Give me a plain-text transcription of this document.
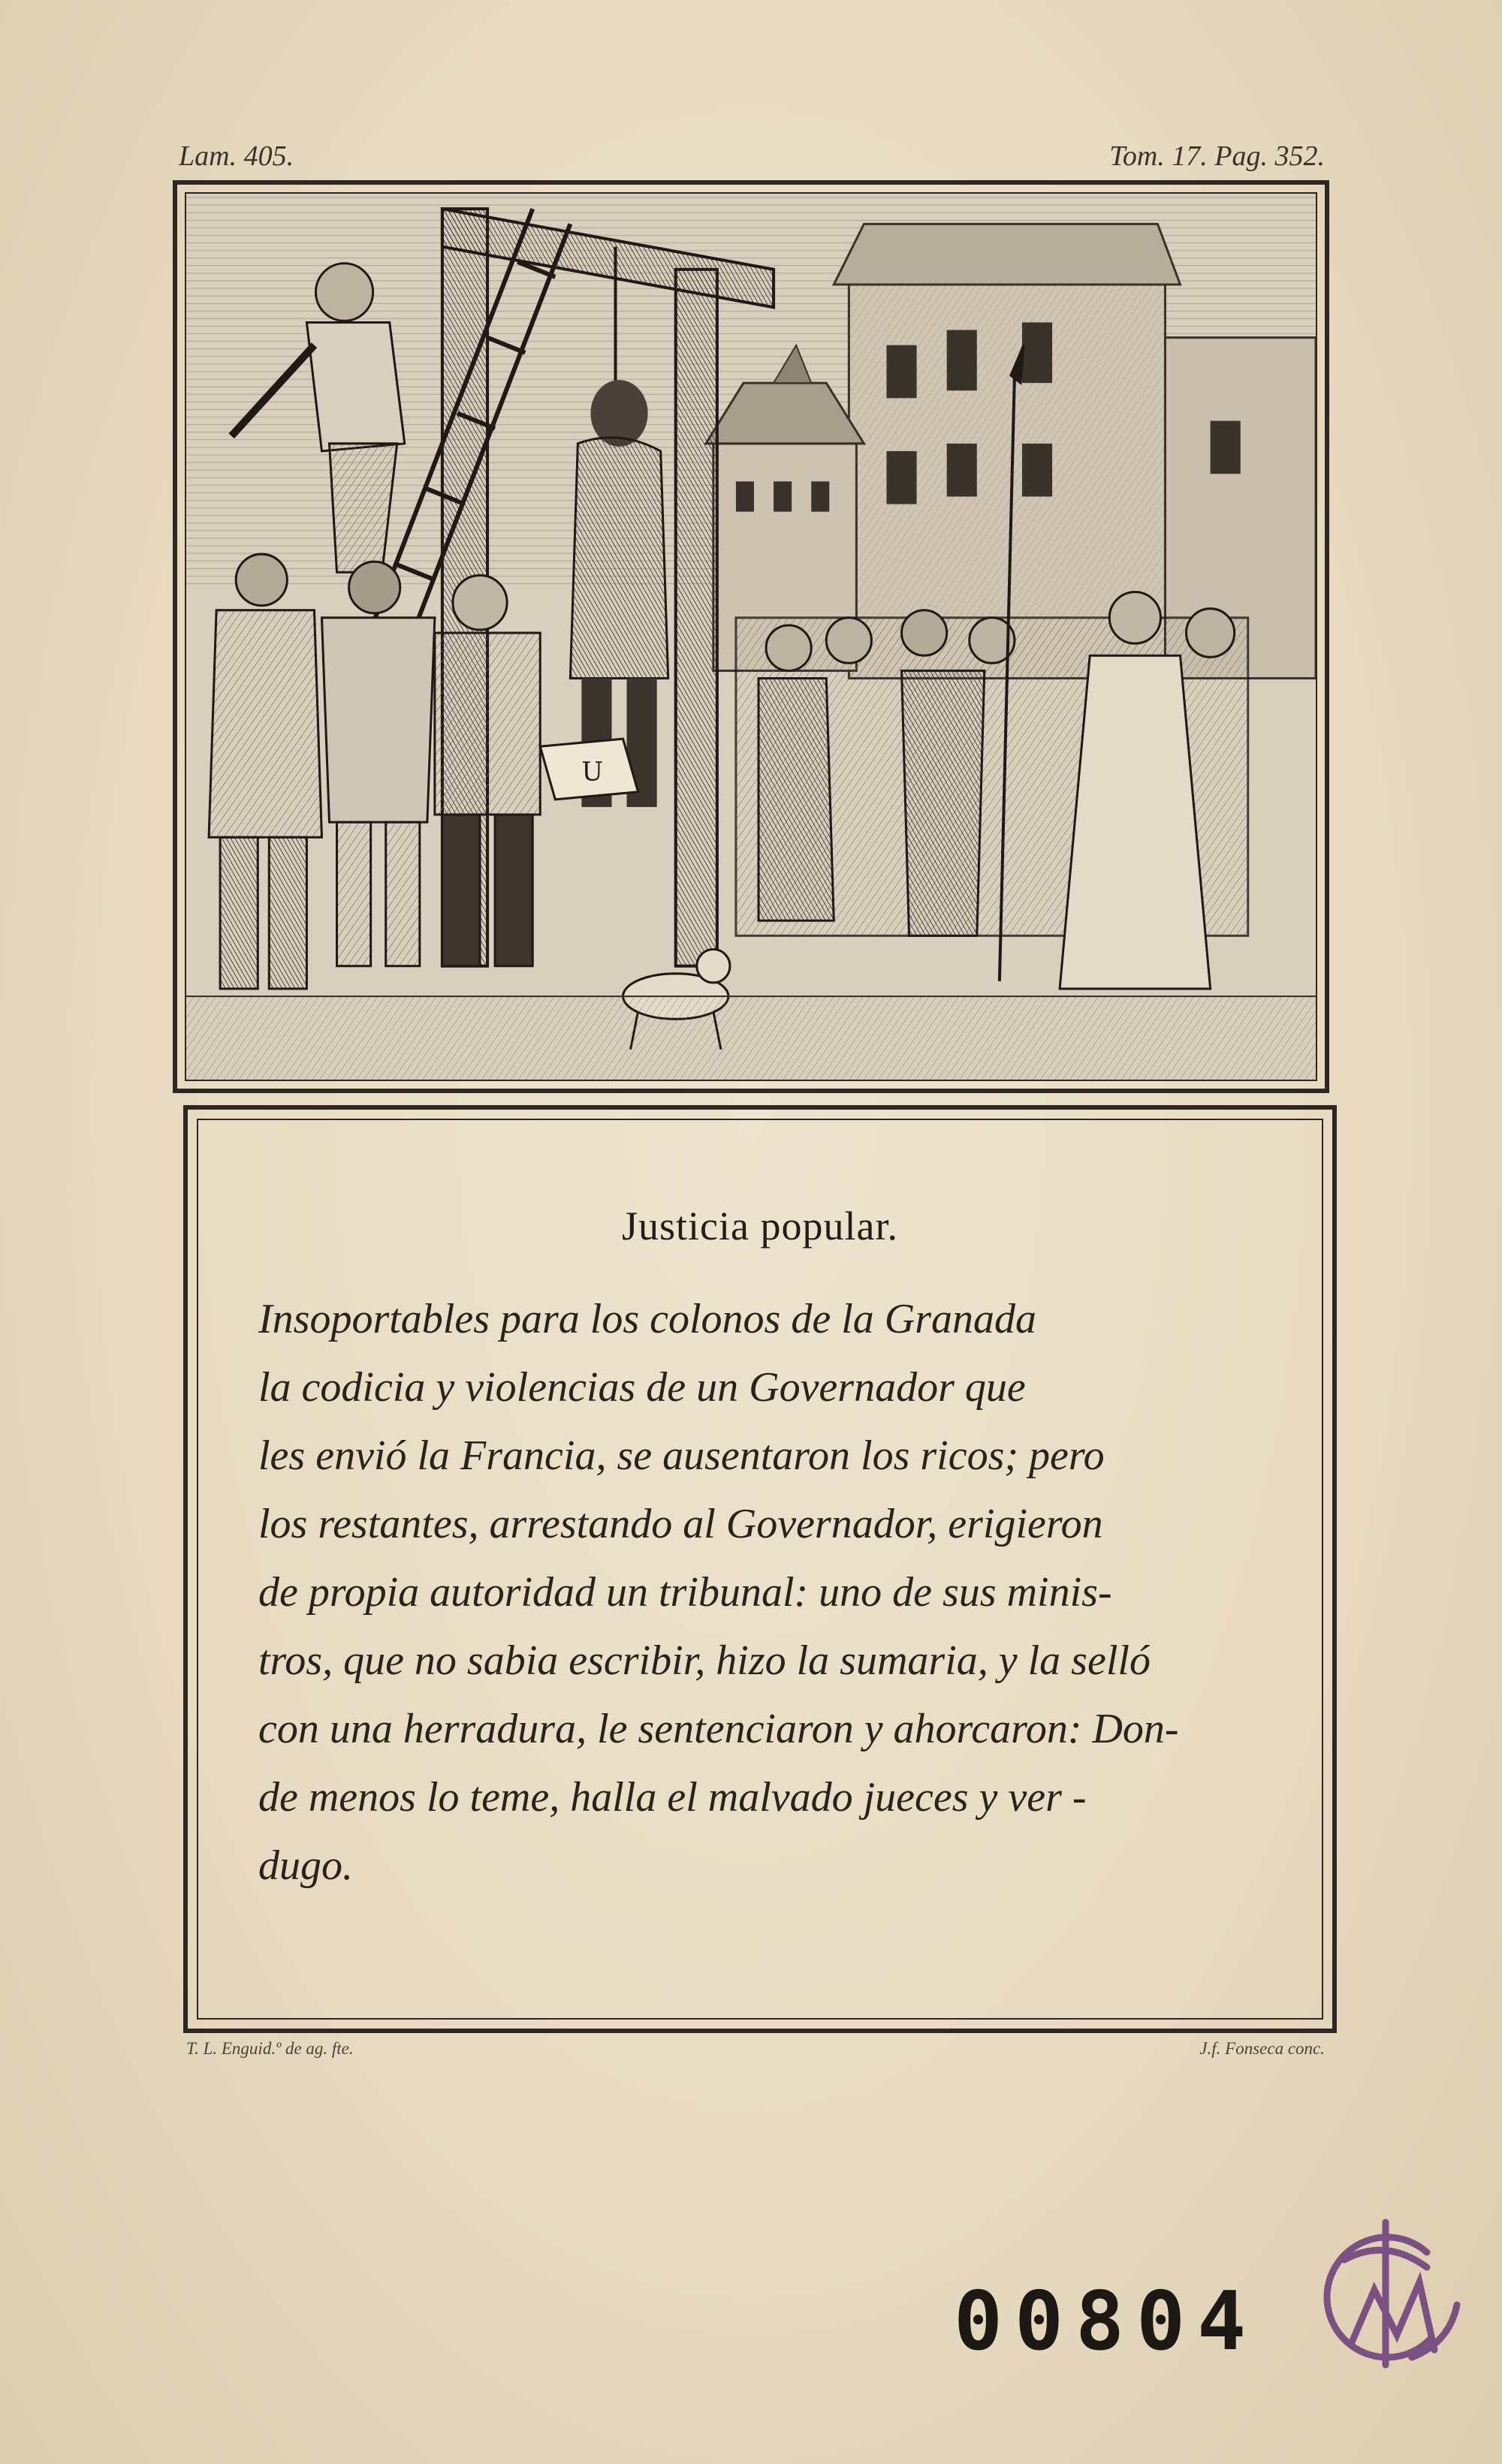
Lam. 405.	Tom. 17. Pag. 352.
U
Justicia popular.
Insoportables para los colonos de la Granada
la codicia y violencias de un Governador que
les envió la Francia, se ausentaron los ricos; pero
los restantes, arrestando al Governador, erigieron
de propia autoridad un tribunal: uno de sus minis-
tros, que no sabia escribir, hizo la sumaria, y la selló
con una herradura, le sentenciaron y ahorcaron: Don-
de menos lo teme, halla el malvado jueces y ver -
dugo.
T. L. Enguid.º de ag. fte.	J.f. Fonseca conc.
00804
